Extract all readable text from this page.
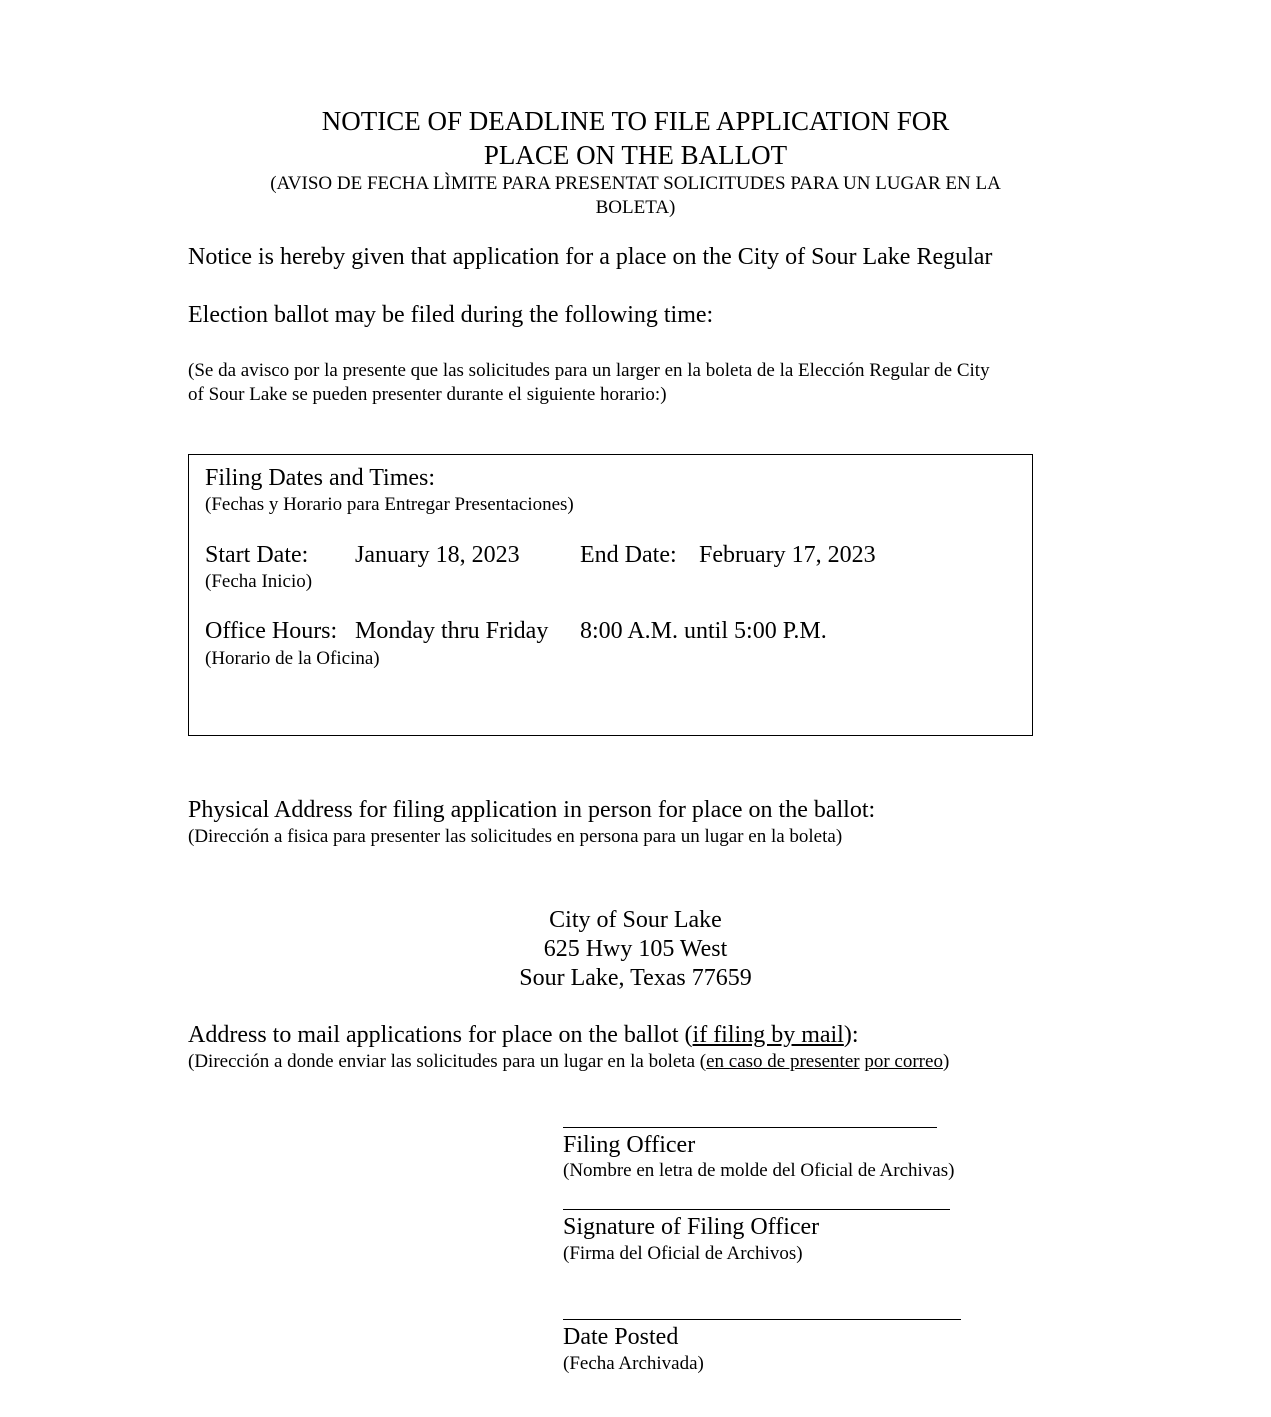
NOTICE OF DEADLINE TO FILE APPLICATION FOR
PLACE ON THE BALLOT
(AVISO DE FECHA LÌMITE PARA PRESENTAT SOLICITUDES PARA UN LUGAR EN LA
BOLETA)
Notice is hereby given that application for a place on the City of Sour Lake Regular
Election ballot may be filed during the following time:
(Se da avisco por la presente que las solicitudes para un larger en la boleta de la Elección Regular de City
of Sour Lake se pueden presenter durante el siguiente horario:)
Filing Dates and Times:
(Fechas y Horario para Entregar Presentaciones)
Start Date: January 18, 2023	End Date: February 17, 2023
(Fecha Inicio)
Office Hours: Monday thru Friday 8:00 A.M. until 5:00 P.M.
(Horario de la Oficina)
Physical Address for filing application in person for place on the ballot:
(Dirección a fisica para presenter las solicitudes en persona para un lugar en la boleta)
City of Sour Lake
625 Hwy 105 West
Sour Lake, Texas 77659
Address to mail applications for place on the ballot (if filing by mail):
(Dirección a donde enviar las solicitudes para un lugar en la boleta (en caso de presenter por correo)
Filing Officer
(Nombre en letra de molde del Oficial de Archivas)
Signature of Filing Officer
(Firma del Oficial de Archivos)
Date Posted
(Fecha Archivada)
